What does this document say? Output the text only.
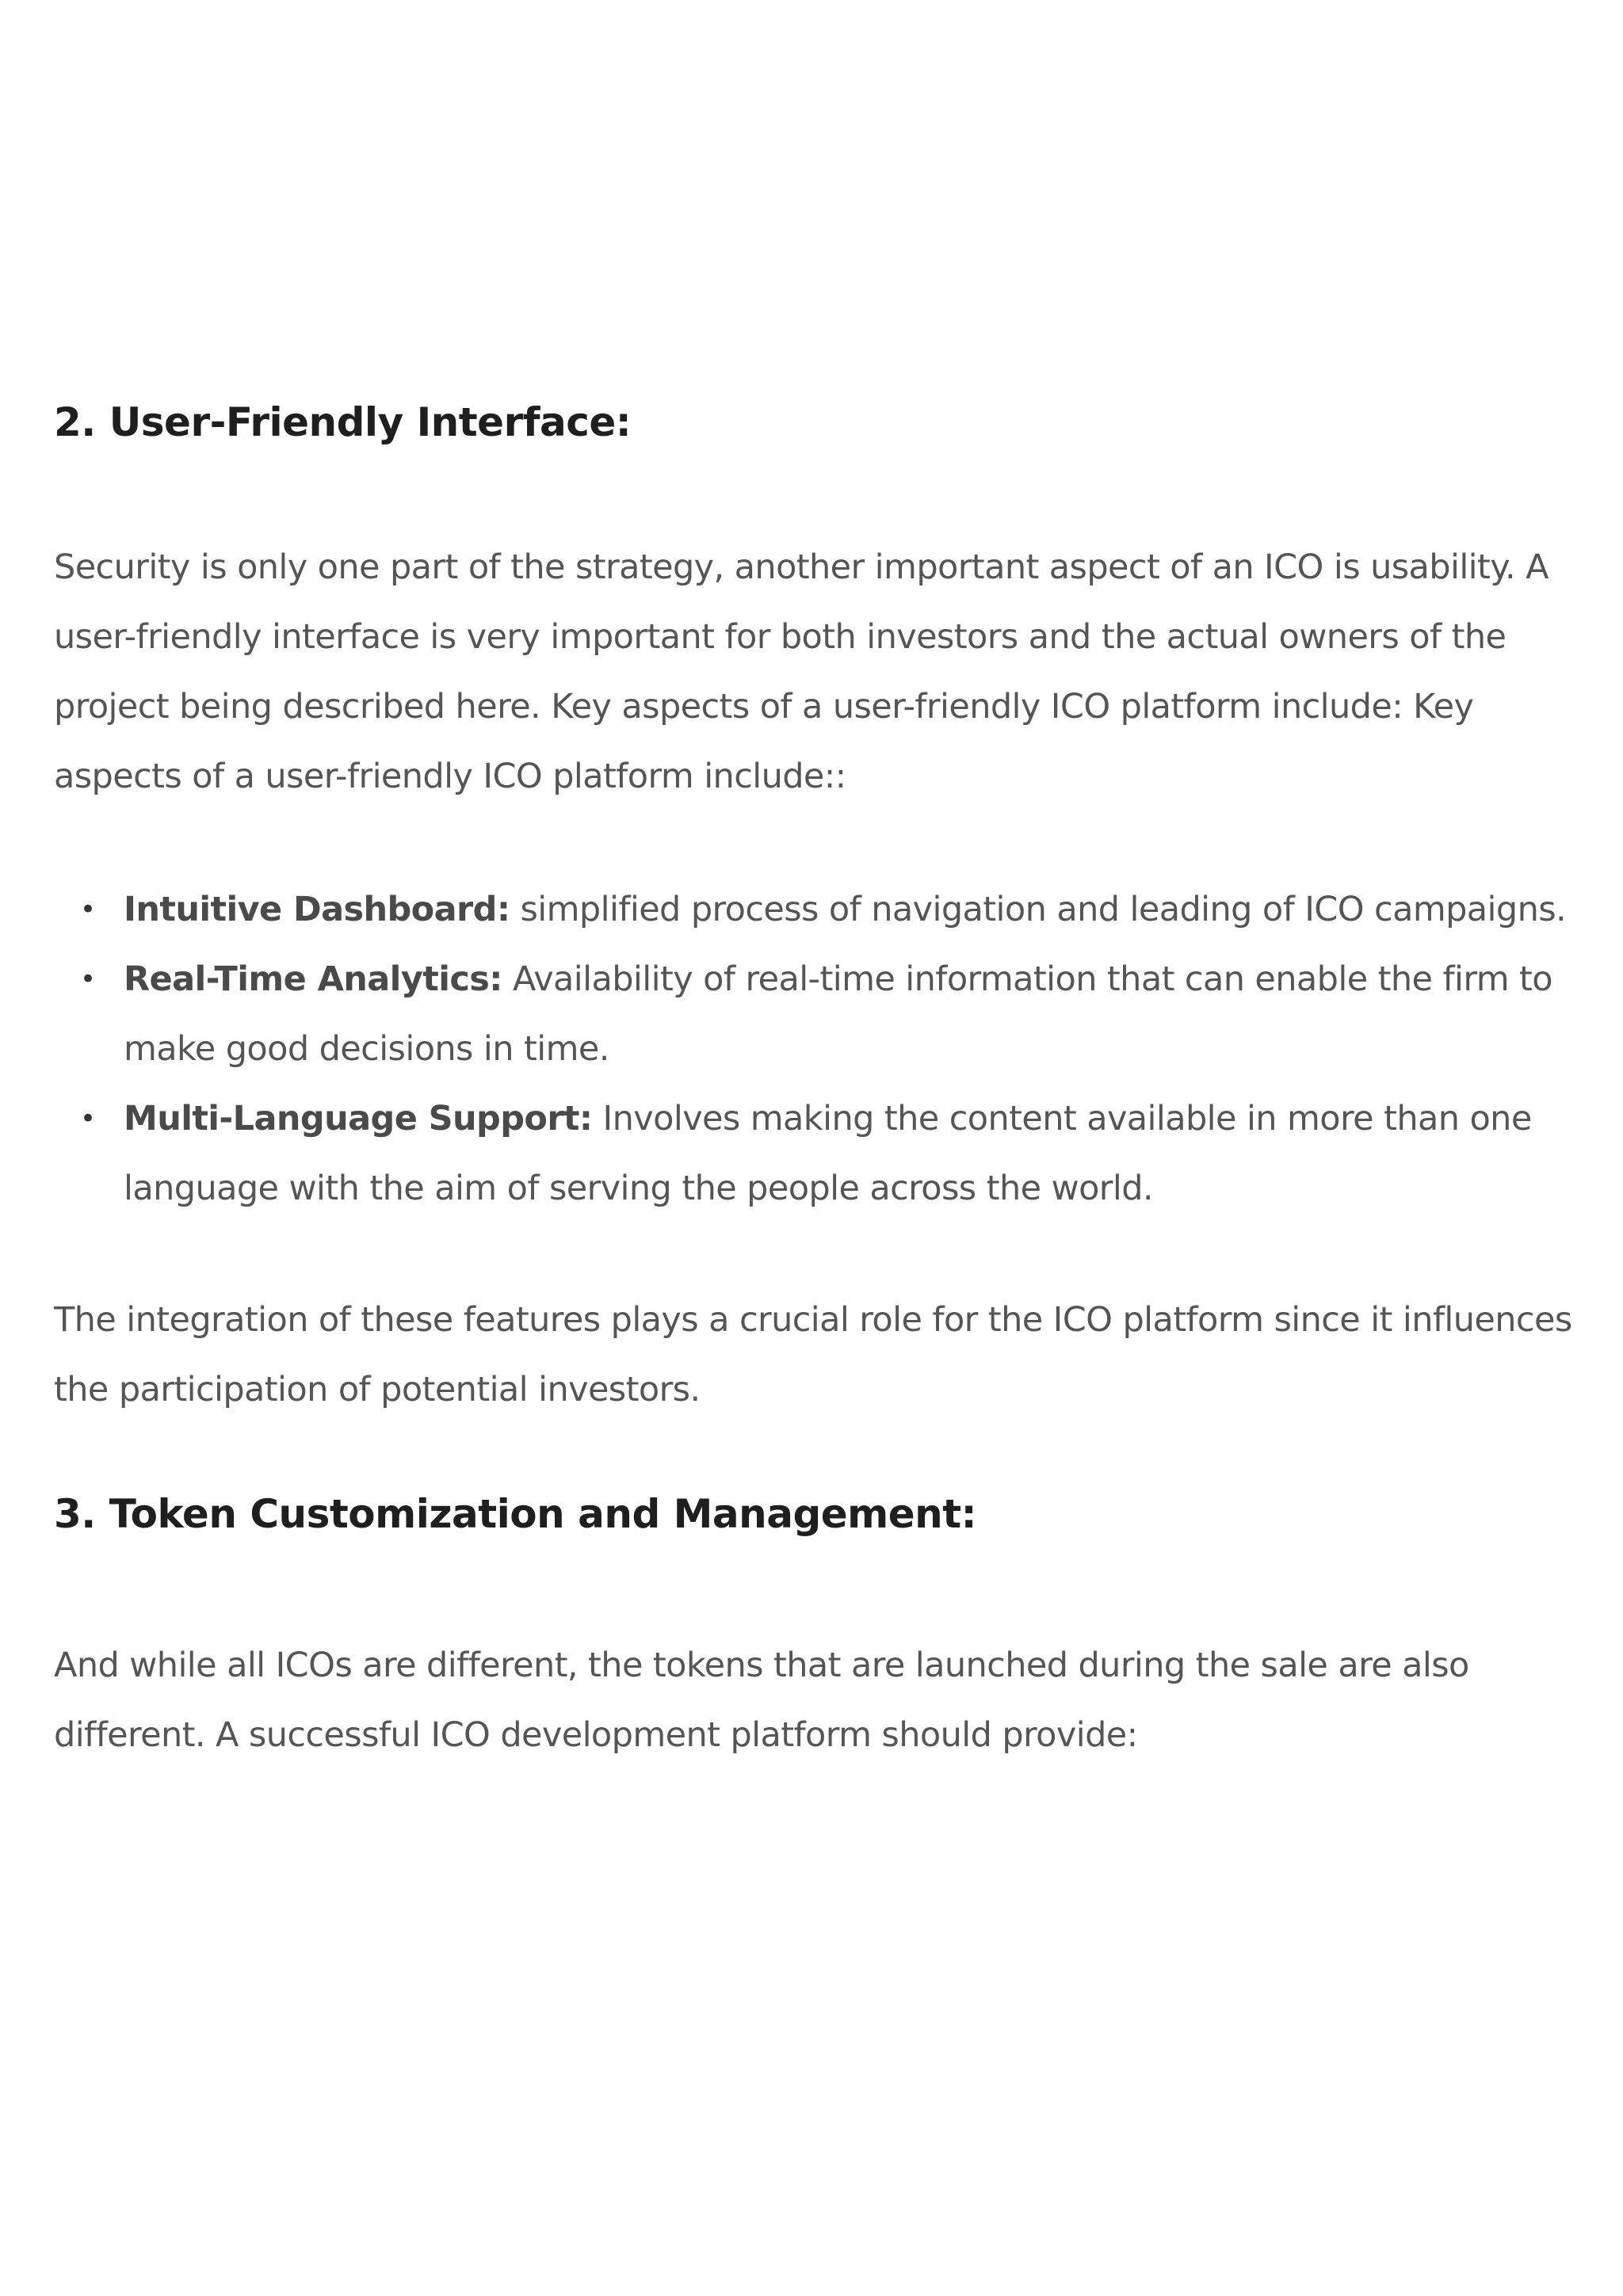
2. User-Friendly Interface:

Security is only one part of the strategy, another important aspect of an ICO is usability. A user-friendly interface is very important for both investors and the actual owners of the project being described here. Key aspects of a user-friendly ICO platform include: Key aspects of a user-friendly ICO platform include::

• Intuitive Dashboard: simplified process of navigation and leading of ICO campaigns.
• Real-Time Analytics: Availability of real-time information that can enable the firm to make good decisions in time.
• Multi-Language Support: Involves making the content available in more than one language with the aim of serving the people across the world.

The integration of these features plays a crucial role for the ICO platform since it influences the participation of potential investors.

3. Token Customization and Management:

And while all ICOs are different, the tokens that are launched during the sale are also different. A successful ICO development platform should provide:
